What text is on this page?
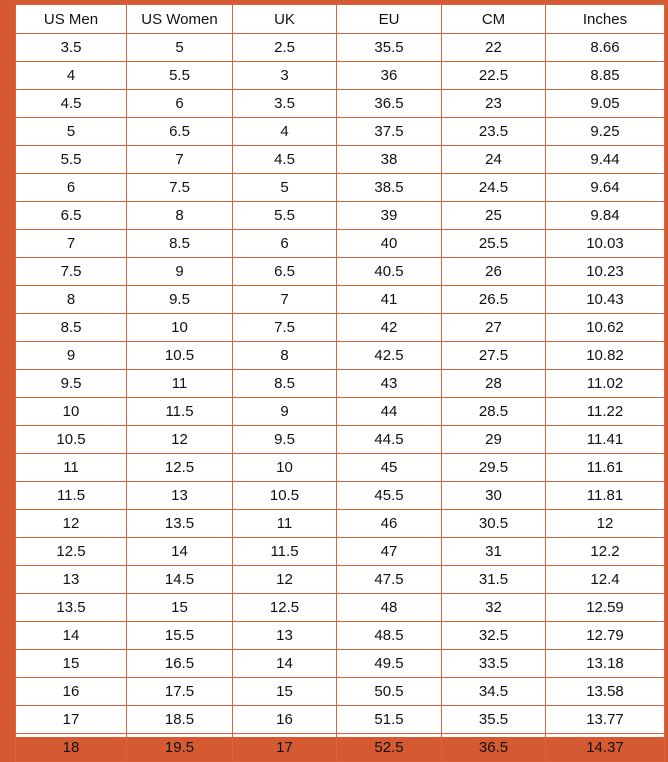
US Men	US Women	UK	EU	CM	Inches
3.5	5	2.5	35.5	22	8.66
4	5.5	3	36	22.5	8.85
4.5	6	3.5	36.5	23	9.05
5	6.5	4	37.5	23.5	9.25
5.5	7	4.5	38	24	9.44
6	7.5	5	38.5	24.5	9.64
6.5	8	5.5	39	25	9.84
7	8.5	6	40	25.5	10.03
7.5	9	6.5	40.5	26	10.23
8	9.5	7	41	26.5	10.43
8.5	10	7.5	42	27	10.62
9	10.5	8	42.5	27.5	10.82
9.5	11	8.5	43	28	11.02
10	11.5	9	44	28.5	11.22
10.5	12	9.5	44.5	29	11.41
11	12.5	10	45	29.5	11.61
11.5	13	10.5	45.5	30	11.81
12	13.5	11	46	30.5	12
12.5	14	11.5	47	31	12.2
13	14.5	12	47.5	31.5	12.4
13.5	15	12.5	48	32	12.59
14	15.5	13	48.5	32.5	12.79
15	16.5	14	49.5	33.5	13.18
16	17.5	15	50.5	34.5	13.58
17	18.5	16	51.5	35.5	13.77
18	19.5	17	52.5	36.5	14.37
